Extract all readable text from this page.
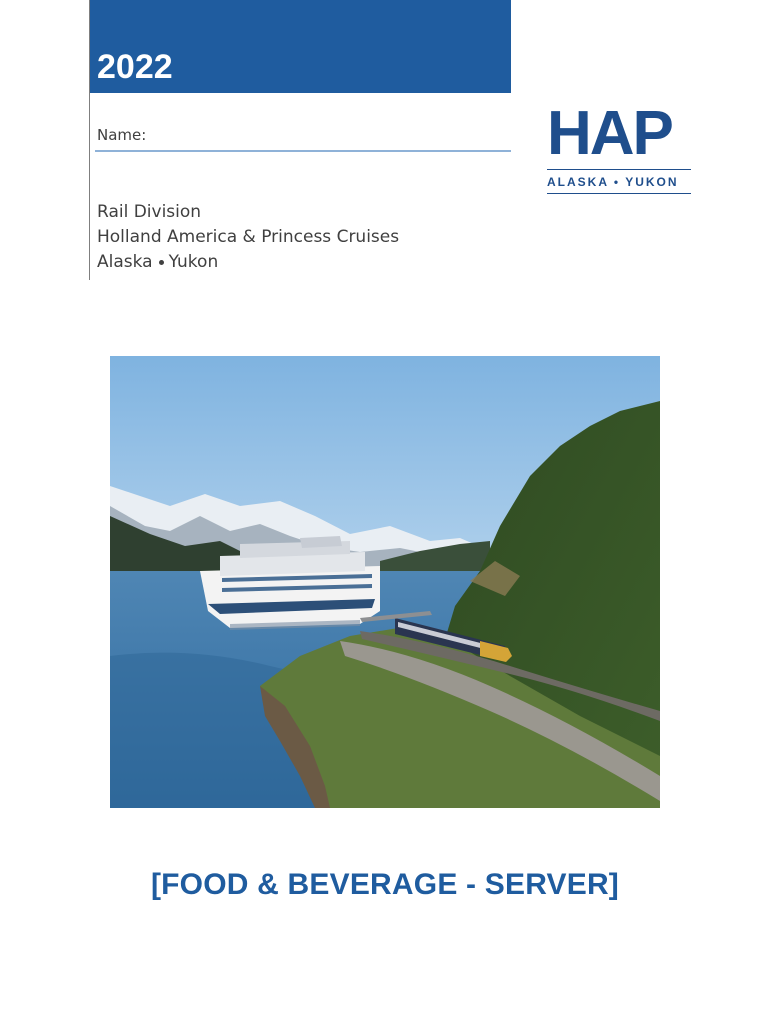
2022
Name:
Rail Division
Holland America & Princess Cruises
Alaska Yukon
HAP
ALASKA • YUKON
[FOOD & BEVERAGE - SERVER]
